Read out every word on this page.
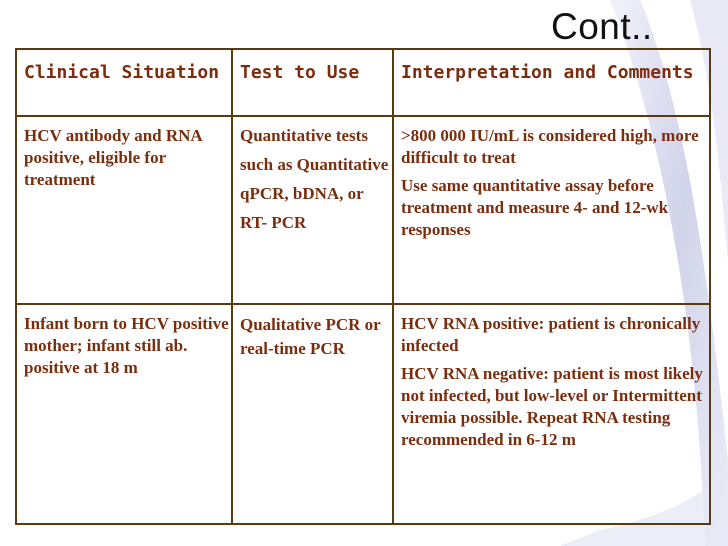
Cont..
Clinical Situation	Test to Use	Interpretation and Comments
HCV antibody and RNA positive, eligible for treatment	Quantitative tests such as Quantitative qPCR, bDNA, or RT- PCR	>800 000 IU/mL is considered high, more difficult to treat
Use same quantitative assay before treatment and measure 4- and 12-wk responses

Infant born to HCV positive mother; infant still ab. positive at 18 m	Qualitative PCR or real-time PCR	HCV RNA positive: patient is chronically infected
HCV RNA negative: patient is most likely not infected, but low-level or Intermittent viremia possible. Repeat RNA testing recommended in 6-12 m
